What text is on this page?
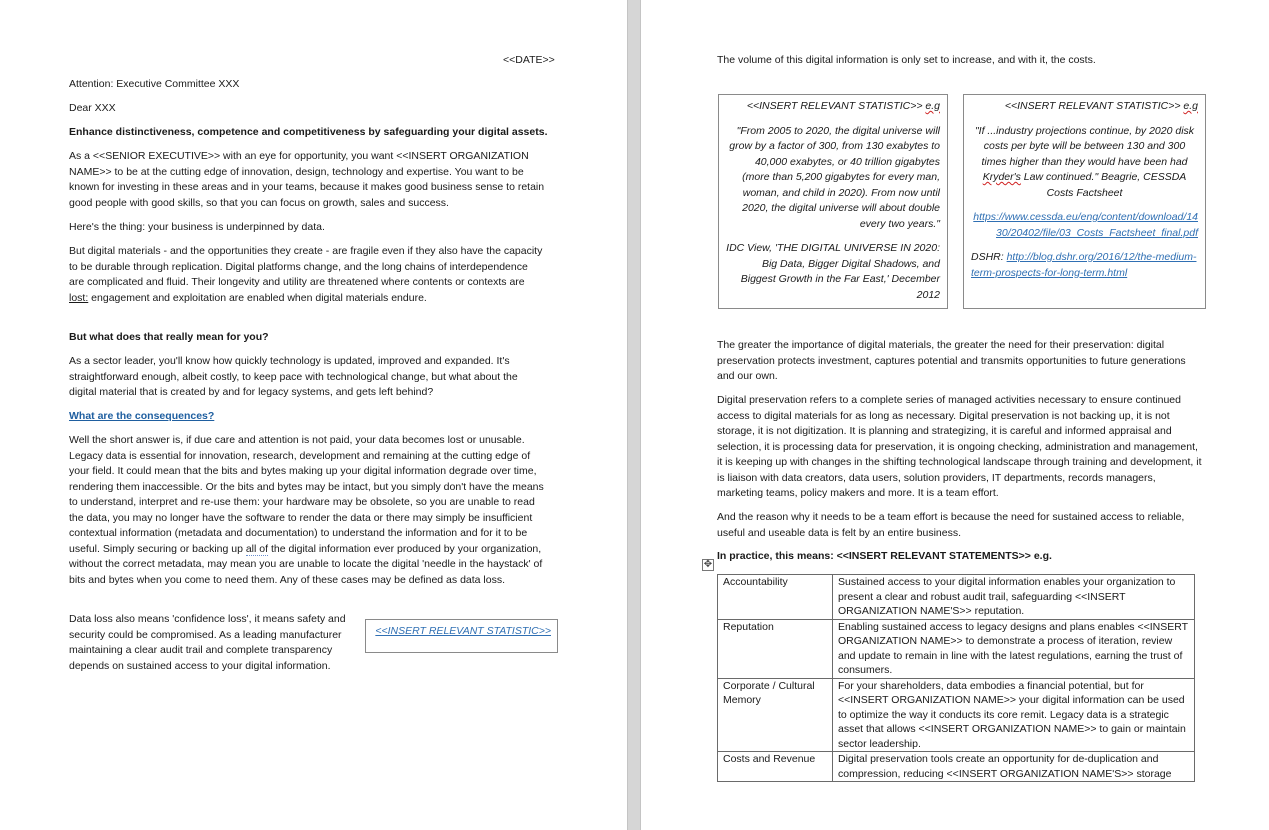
<<DATE>>

Attention: Executive Committee XXX

Dear XXX

Enhance distinctiveness, competence and competitiveness by safeguarding your digital assets.

As a <<SENIOR EXECUTIVE>> with an eye for opportunity, you want <<INSERT ORGANIZATION NAME>> to be at the cutting edge of innovation, design, technology and expertise. You want to be known for investing in these areas and in your teams, because it makes good business sense to retain good people with good skills, so that you can focus on growth, sales and success.

Here's the thing: your business is underpinned by data.

But digital materials - and the opportunities they create - are fragile even if they also have the capacity to be durable through replication. Digital platforms change, and the long chains of interdependence are complicated and fluid. Their longevity and utility are threatened where contents or contexts are lost: engagement and exploitation are enabled when digital materials endure.

But what does that really mean for you?

As a sector leader, you'll know how quickly technology is updated, improved and expanded. It's straightforward enough, albeit costly, to keep pace with technological change, but what about the digital material that is created by and for legacy systems, and gets left behind?

What are the consequences?

Well the short answer is, if due care and attention is not paid, your data becomes lost or unusable. Legacy data is essential for innovation, research, development and remaining at the cutting edge of your field. It could mean that the bits and bytes making up your digital information degrade over time, rendering them inaccessible. Or the bits and bytes may be intact, but you simply don't have the means to understand, interpret and re-use them: your hardware may be obsolete, so you are unable to read the data, you may no longer have the software to render the data or there may simply be insufficient contextual information (metadata and documentation) to understand the information and for it to be useful. Simply securing or backing up all of the digital information ever produced by your organization, without the correct metadata, may mean you are unable to locate the digital 'needle in the haystack' of bits and bytes when you come to need them. Any of these cases may be defined as data loss.

Data loss also means 'confidence loss', it means safety and security could be compromised. As a leading manufacturer maintaining a clear audit trail and complete transparency depends on sustained access to your digital information.

<<INSERT RELEVANT STATISTIC>>

The volume of this digital information is only set to increase, and with it, the costs.

<<INSERT RELEVANT STATISTIC>> e.g

"From 2005 to 2020, the digital universe will grow by a factor of 300, from 130 exabytes to 40,000 exabytes, or 40 trillion gigabytes (more than 5,200 gigabytes for every man, woman, and child in 2020). From now until 2020, the digital universe will about double every two years."

IDC View, 'THE DIGITAL UNIVERSE IN 2020: Big Data, Bigger Digital Shadows, and Biggest Growth in the Far East,' December 2012

<<INSERT RELEVANT STATISTIC>> e.g

"If ...industry projections continue, by 2020 disk costs per byte will be between 130 and 300 times higher than they would have been had Kryder's Law continued." Beagrie, CESSDA Costs Factsheet

https://www.cessda.eu/eng/content/download/1430/20402/file/03_Costs_Factsheet_final.pdf

DSHR: http://blog.dshr.org/2016/12/the-medium-term-prospects-for-long-term.html

The greater the importance of digital materials, the greater the need for their preservation: digital preservation protects investment, captures potential and transmits opportunities to future generations and our own.

Digital preservation refers to a complete series of managed activities necessary to ensure continued access to digital materials for as long as necessary. Digital preservation is not backing up, it is not storage, it is not digitization. It is planning and strategizing, it is careful and informed appraisal and selection, it is processing data for preservation, it is ongoing checking, administration and management, it is keeping up with changes in the shifting technological landscape through training and development, it is liaison with data creators, data users, solution providers, IT departments, records managers, marketing teams, policy makers and more. It is a team effort.

And the reason why it needs to be a team effort is because the need for sustained access to reliable, useful and useable data is felt by an entire business.

In practice, this means: <<INSERT RELEVANT STATEMENTS>> e.g.

✥
Accountability	Sustained access to your digital information enables your organization to present a clear and robust audit trail, safeguarding <<INSERT ORGANIZATION NAME'S>> reputation.
Reputation	Enabling sustained access to legacy designs and plans enables <<INSERT ORGANIZATION NAME>> to demonstrate a process of iteration, review and update to remain in line with the latest regulations, earning the trust of consumers.
Corporate / Cultural Memory	For your shareholders, data embodies a financial potential, but for <<INSERT ORGANIZATION NAME>> your digital information can be used to optimize the way it conducts its core remit. Legacy data is a strategic asset that allows <<INSERT ORGANIZATION NAME>> to gain or maintain sector leadership.
Costs and Revenue	Digital preservation tools create an opportunity for de-duplication and compression, reducing <<INSERT ORGANIZATION NAME'S>> storage
